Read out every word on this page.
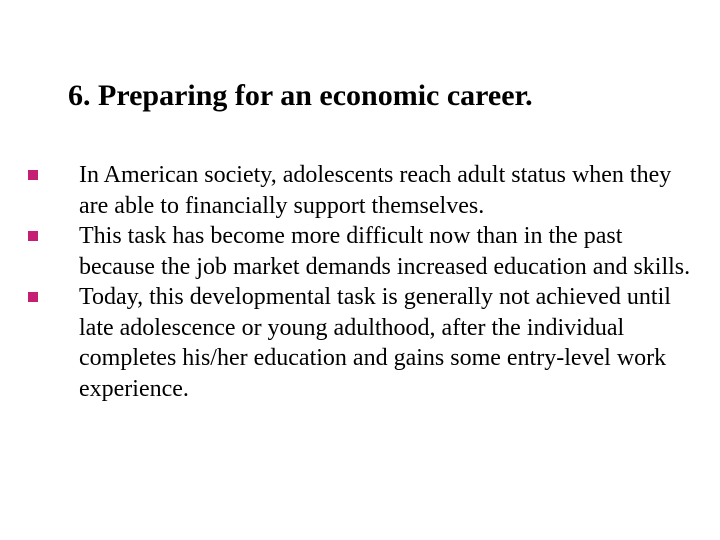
6. Preparing for an economic career.
In American society, adolescents reach adult status when they are able to financially support themselves.
This task has become more difficult now than in the past because the job market demands increased education and skills.
Today, this developmental task is generally not achieved until late adolescence or young adulthood, after the individual completes his/her education and gains some entry-level work experience.
